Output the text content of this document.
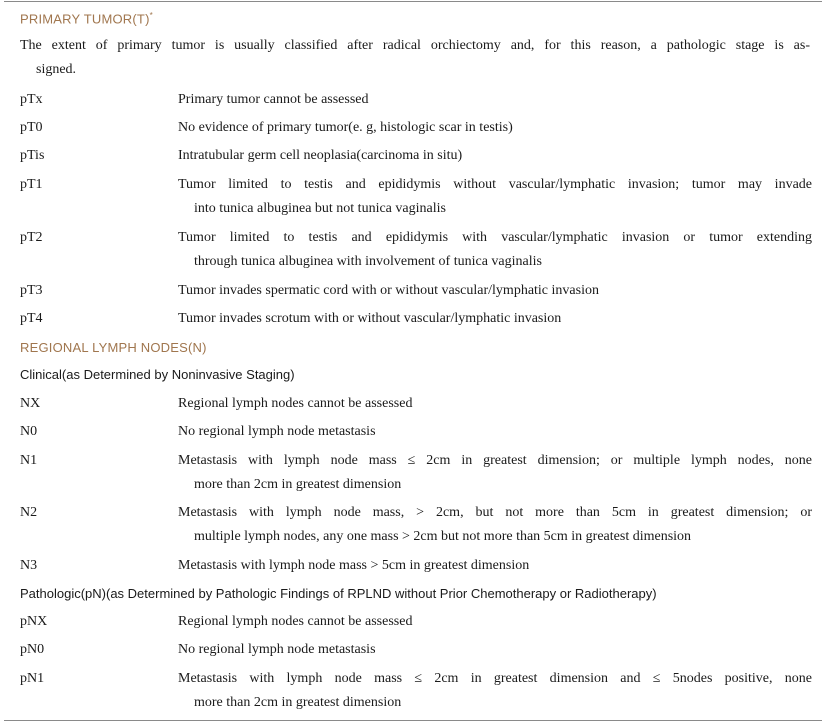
PRIMARY TUMOR(T)*
The extent of primary tumor is usually classified after radical orchiectomy and, for this reason, a pathologic stage is as-
signed.
pTx	Primary tumor cannot be assessed
pT0	No evidence of primary tumor(e. g, histologic scar in testis)
pTis	Intratubular germ cell neoplasia(carcinoma in situ)
pT1	Tumor limited to testis and epididymis without vascular/lymphatic invasion; tumor may invade
into tunica albuginea but not tunica vaginalis
pT2	Tumor limited to testis and epididymis with vascular/lymphatic invasion or tumor extending
through tunica albuginea with involvement of tunica vaginalis
pT3	Tumor invades spermatic cord with or without vascular/lymphatic invasion
pT4	Tumor invades scrotum with or without vascular/lymphatic invasion
REGIONAL LYMPH NODES(N)
Clinical(as Determined by Noninvasive Staging)
NX	Regional lymph nodes cannot be assessed
N0	No regional lymph node metastasis
N1	Metastasis with lymph node mass ≤ 2cm in greatest dimension; or multiple lymph nodes, none
more than 2cm in greatest dimension
N2	Metastasis with lymph node mass, > 2cm, but not more than 5cm in greatest dimension; or
multiple lymph nodes, any one mass > 2cm but not more than 5cm in greatest dimension
N3	Metastasis with lymph node mass > 5cm in greatest dimension
Pathologic(pN)(as Determined by Pathologic Findings of RPLND without Prior Chemotherapy or Radiotherapy)
pNX	Regional lymph nodes cannot be assessed
pN0	No regional lymph node metastasis
pN1	Metastasis with lymph node mass ≤ 2cm in greatest dimension and ≤ 5nodes positive, none
more than 2cm in greatest dimension
